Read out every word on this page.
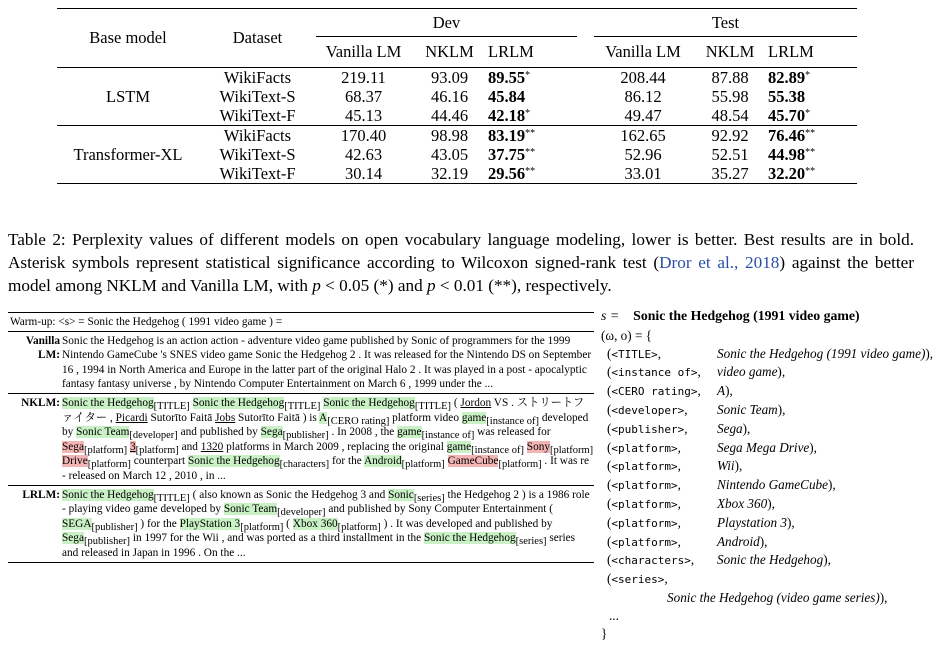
Base model	Dataset	Dev				Test		
		Vanilla LM	NKLM	LRLM		Vanilla LM	NKLM	LRLM

	WikiFacts	219.11	93.09	89.55*		208.44	87.88	82.89*
LSTM	WikiText-S	68.37	46.16	45.84		86.12	55.98	55.38
	WikiText-F	45.13	44.46	42.18*		49.47	48.54	45.70*

	WikiFacts	170.40	98.98	83.19**		162.65	92.92	76.46**
Transformer-XL	WikiText-S	42.63	43.05	37.75**		52.96	52.51	44.98**
	WikiText-F	30.14	32.19	29.56**		33.01	35.27	32.20**

Table 2: Perplexity values of different models on open vocabulary language modeling, lower is better. Best results are in bold. Asterisk symbols represent statistical significance according to Wilcoxon signed-rank test (Dror et al., 2018) against the better model among NKLM and Vanilla LM, with p < 0.05 (*) and p < 0.01 (**), respectively.
Warm-up: <s> = Sonic the Hedgehog ( 1991 video game ) =
Vanilla LM:
Sonic the Hedgehog is an action action - adventure video game published by Sonic of programmers for the 1999 Nintendo GameCube 's SNES video game Sonic the Hedgehog 2 . It was released for the Nintendo DS on September 16 , 1994 in North America and Europe in the latter part of the original Halo 2 . It was played in a post - apocalyptic fantasy fantasy universe , by Nintendo Computer Entertainment on March 6 , 1999 under the ...
NKLM: Sonic the Hedgehog$_{[TITLE]}$ Sonic the Hedgehog$_{[TITLE]}$ Sonic the Hedgehog$_{[TITLE]}$ ( Jordon VS . ストリートファイター , Picardi Sutorīto Faitā Jobs Sutorīto Faitā ) is $A_{[CERO rating]}$ platform video game$_{[instance of]}$ developed by Sonic Team$_{[developer]}$ and published by Sega$_{[publisher]}$ . In 2008 , the game$_{[instance of]}$ was released for Sega$_{[platform]}$ $3_{[platform]}$ and 1320 platforms in March 2009 , replacing the original game$_{[instance of]}$ Sony$_{[platform]}$ Drive$_{[platform]}$ counterpart Sonic the Hedgehog$_{[characters]}$ for the Android$_{[platform]}$ GameCube$_{[platform]}$ . It was re - released on March 12 , 2010 , in ...
LRLM: Sonic the Hedgehog$_{[TITLE]}$ ( also known as Sonic the Hedgehog 3 and Sonic$_{[series]}$ the Hedgehog 2 ) is a 1986 role - playing video game developed by Sonic Team$_{[developer]}$ and published by Sony Computer Entertainment ( $SEGA_{[publisher]}$ ) for the PlayStation $3_{[platform]}$ ( Xbox $360_{[platform]}$ ) . It was developed and published by Sega$_{[publisher]}$ in 1997 for the Wii , and was ported as a third installment in the Sonic the Hedgehog$_{[series]}$ series and released in Japan in 1996 . On the ...
s = Sonic the Hedgehog (1991 video game)
(ω, o) = {
(<TITLE>,	Sonic the Hedgehog (1991 video game)),
(<instance of>, video game),
(<CERO rating>, A),
(<developer>, Sonic Team),
(<publisher>, Sega),
(<platform>,	Sega Mega Drive),
(<platform>,	Wii),
(<platform>,	Nintendo GameCube),
(<platform>,	Xbox 360),
(<platform>,	Playstation 3),
(<platform>,	Android),
(<characters>, Sonic the Hedgehog),
(<series>,
Sonic the Hedgehog (video game series)),
...
}
